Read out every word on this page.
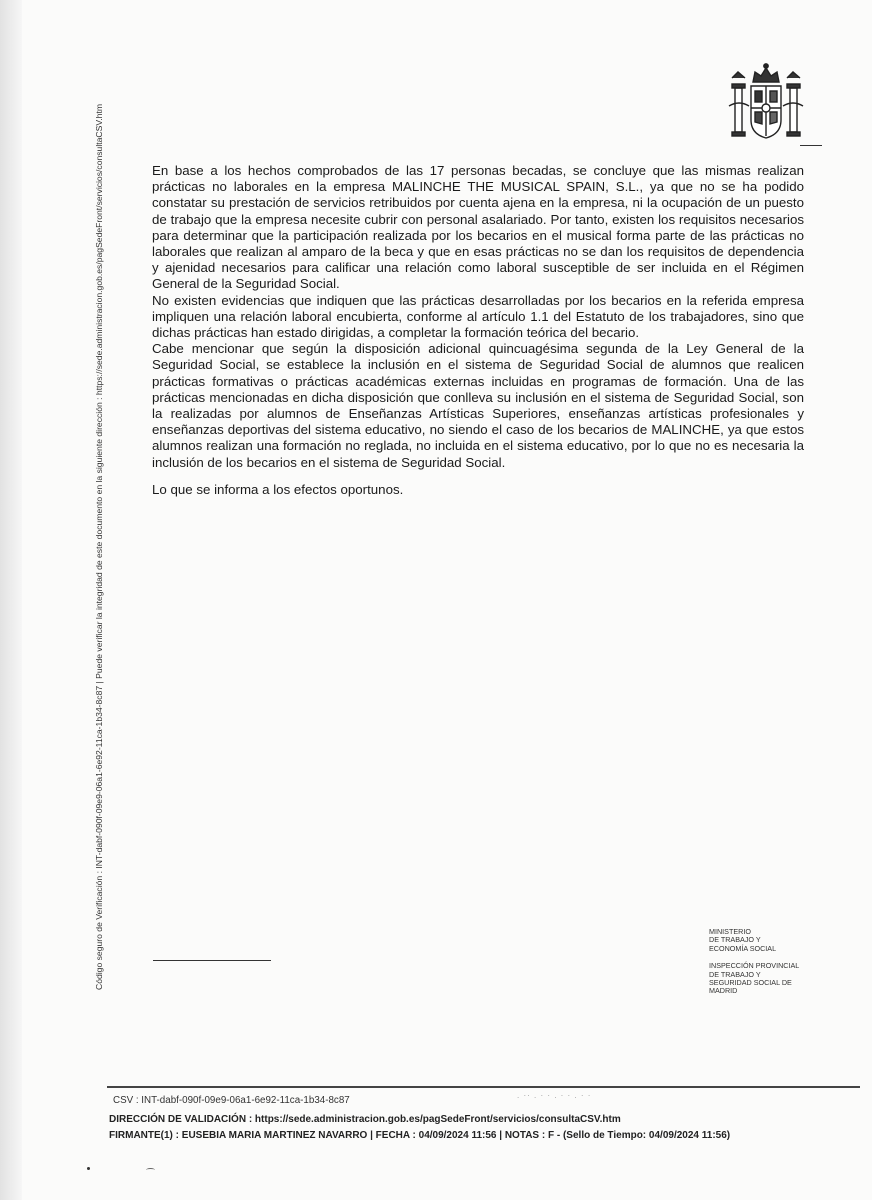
Código seguro de Verificación : INT-dabf-090f-09e9-06a1-6e92-11ca-1b34-8c87 | Puede verificar la integridad de este documento en la siguiente dirección : https://sede.administracion.gob.es/pagSedeFront/servicios/consultaCSV.htm	En base a los hechos comprobados de las 17 personas becadas, se concluye que las mismas realizan prácticas no laborales en la empresa MALINCHE THE MUSICAL SPAIN, S.L., ya que no se ha podido constatar su prestación de servicios retribuidos por cuenta ajena en la empresa, ni la ocupación de un puesto de trabajo que la empresa necesite cubrir con personal asalariado. Por tanto, existen los requisitos necesarios para determinar que la participación realizada por los becarios en el musical forma parte de las prácticas no laborales que realizan al amparo de la beca y que en esas prácticas no se dan los requisitos de dependencia y ajenidad necesarios para calificar una relación como laboral susceptible de ser incluida en el Régimen General de la Seguridad Social.

No existen evidencias que indiquen que las prácticas desarrolladas por los becarios en la referida empresa impliquen una relación laboral encubierta, conforme al artículo 1.1 del Estatuto de los trabajadores, sino que dichas prácticas han estado dirigidas, a completar la formación teórica del becario.

Cabe mencionar que según la disposición adicional quincuagésima segunda de la Ley General de la Seguridad Social, se establece la inclusión en el sistema de Seguridad Social de alumnos que realicen prácticas formativas o prácticas académicas externas incluidas en programas de formación. Una de las prácticas mencionadas en dicha disposición que conlleva su inclusión en el sistema de Seguridad Social, son la realizadas por alumnos de Enseñanzas Artísticas Superiores, enseñanzas artísticas profesionales y enseñanzas deportivas del sistema educativo, no siendo el caso de los becarios de MALINCHE, ya que estos alumnos realizan una formación no reglada, no incluida en el sistema educativo, por lo que no es necesaria la inclusión de los becarios en el sistema de Seguridad Social.

Lo que se informa a los efectos oportunos.
MINISTERIO
DE TRABAJO Y
ECONOMÍA SOCIAL
INSPECCIÓN PROVINCIAL
DE TRABAJO Y
SEGURIDAD SOCIAL DE
MADRID
. ·· . · · . · · . · ·
CSV : INT-dabf-090f-09e9-06a1-6e92-11ca-1b34-8c87
DIRECCIÓN DE VALIDACIÓN : https://sede.administracion.gob.es/pagSedeFront/servicios/consultaCSV.htm
FIRMANTE(1) : EUSEBIA MARIA MARTINEZ NAVARRO | FECHA : 04/09/2024 11:56 | NOTAS : F - (Sello de Tiempo: 04/09/2024 11:56)
